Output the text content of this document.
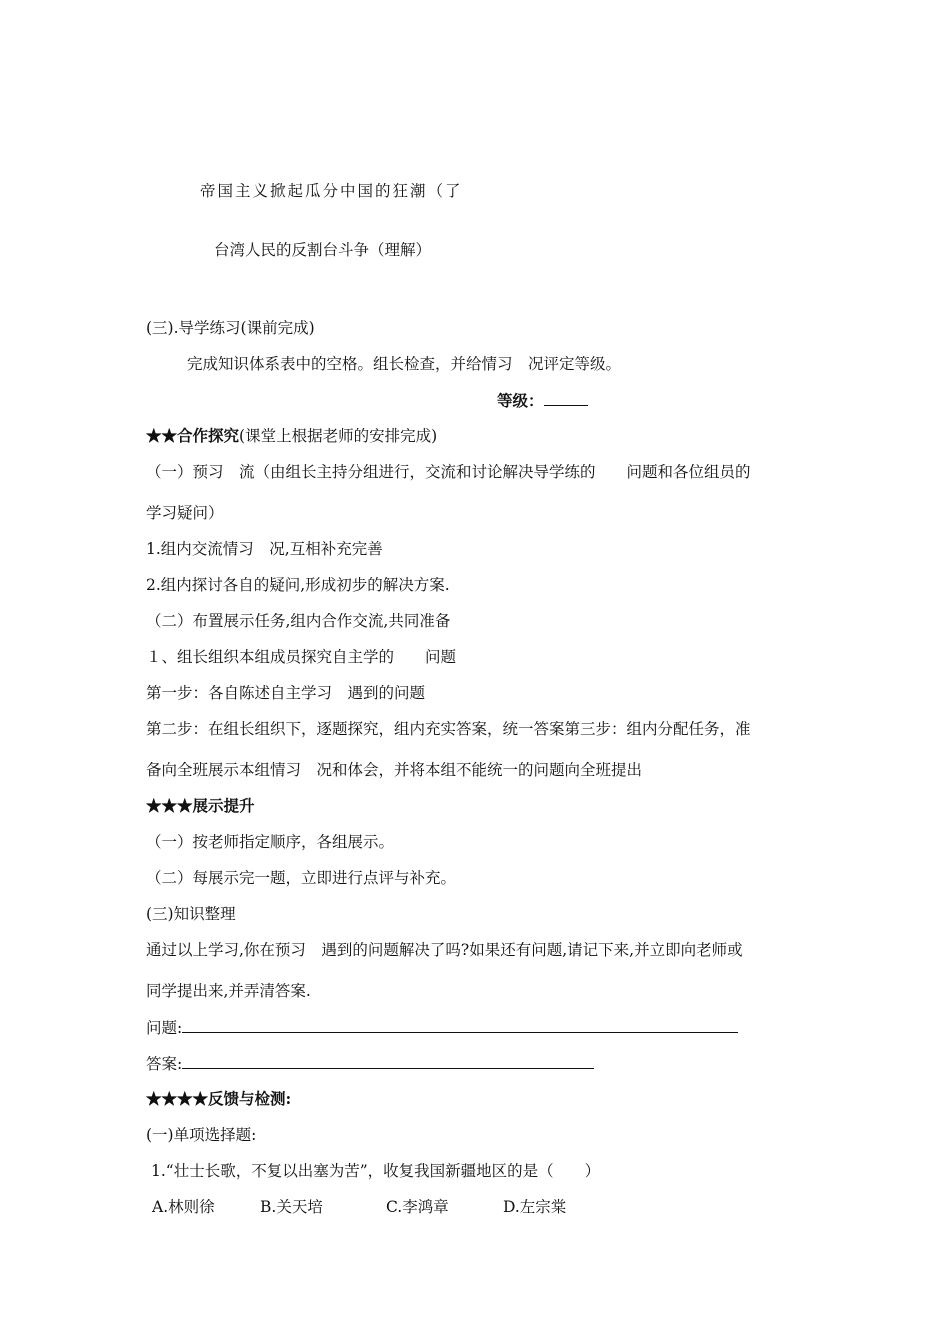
帝国主义掀起瓜分中国的狂潮（了
台湾人民的反割台斗争（理解）
(三).导学练习(课前完成)
完成知识体系表中的空格。组长检查，并给情习　况评定等级。
等级：
★★合作探究(课堂上根据老师的安排完成)
（一）预习　流（由组长主持分组进行，交流和讨论解决导学练的　　问题和各位组员的
学习疑问）
1.组内交流情习　况,互相补充完善
2.组内探讨各自的疑问,形成初步的解决方案.
（二）布置展示任务,组内合作交流,共同准备
１、组长组织本组成员探究自主学的　　问题
第一步：各自陈述自主学习　遇到的问题
第二步：在组长组织下，逐题探究，组内充实答案，统一答案第三步：组内分配任务，准
备向全班展示本组情习　况和体会，并将本组不能统一的问题向全班提出
★★★展示提升
（一）按老师指定顺序，各组展示。
（二）每展示完一题，立即进行点评与补充。
(三)知识整理
通过以上学习,你在预习　遇到的问题解决了吗?如果还有问题,请记下来,并立即向老师或
同学提出来,并弄清答案.
问题:
答案:
★★★★反馈与检测:
(一)单项选择题:
1.“壮士长歌，不复以出塞为苦”，收复我国新疆地区的是（　　）
A.林则徐	B.关天培	C.李鸿章	D.左宗棠
